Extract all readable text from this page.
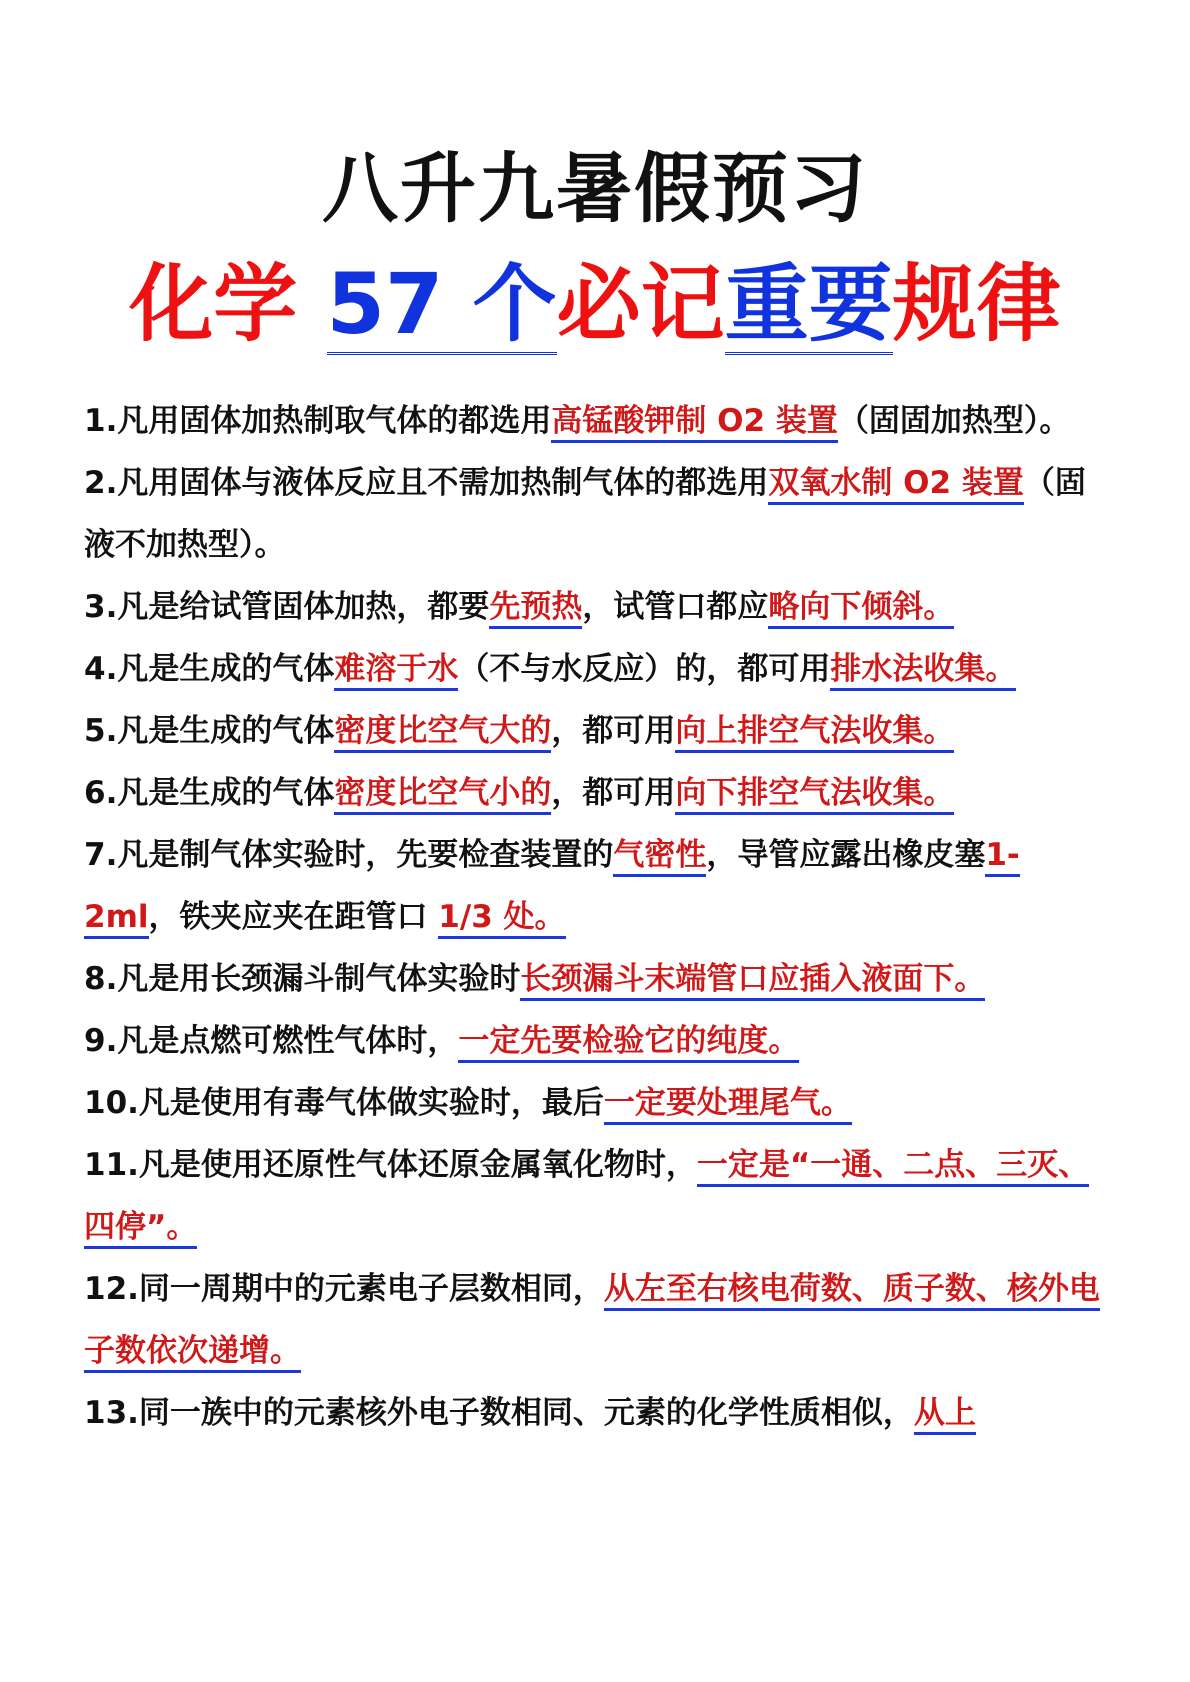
八升九暑假预习
化学 57 个必记重要规律
1.凡用固体加热制取气体的都选用高锰酸钾制 O2 装置（固固加热型）。
2.凡用固体与液体反应且不需加热制气体的都选用双氧水制 O2 装置（固液不加热型）。
3.凡是给试管固体加热，都要先预热，试管口都应略向下倾斜。
4.凡是生成的气体难溶于水（不与水反应）的，都可用排水法收集。
5.凡是生成的气体密度比空气大的，都可用向上排空气法收集。
6.凡是生成的气体密度比空气小的，都可用向下排空气法收集。
7.凡是制气体实验时，先要检查装置的气密性，导管应露出橡皮塞1-2ml，铁夹应夹在距管口 1/3 处。
8.凡是用长颈漏斗制气体实验时长颈漏斗末端管口应插入液面下。
9.凡是点燃可燃性气体时，一定先要检验它的纯度。
10.凡是使用有毒气体做实验时，最后一定要处理尾气。
11.凡是使用还原性气体还原金属氧化物时，一定是“一通、二点、三灭、四停”。
12.同一周期中的元素电子层数相同，从左至右核电荷数、质子数、核外电子数依次递增。
13.同一族中的元素核外电子数相同、元素的化学性质相似，从上
